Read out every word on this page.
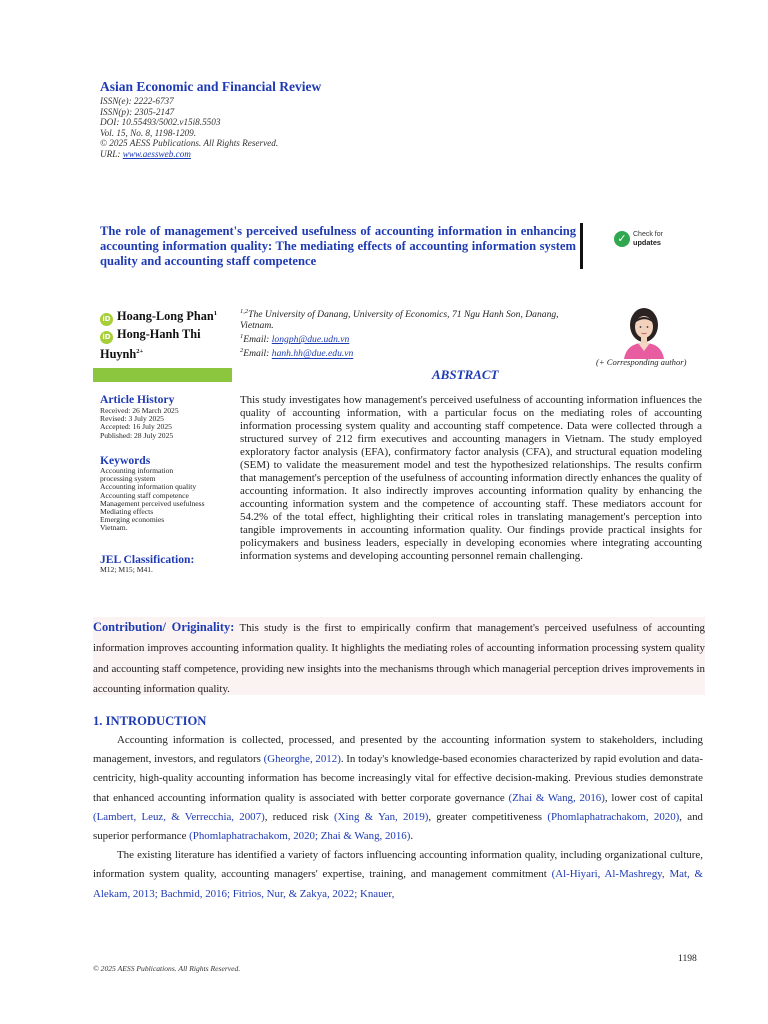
Asian Economic and Financial Review
ISSN(e): 2222-6737
ISSN(p): 2305-2147
DOI: 10.55493/5002.v15i8.5503
Vol. 15, No. 8, 1198-1209.
© 2025 AESS Publications. All Rights Reserved.
URL: www.aessweb.com
The role of management's perceived usefulness of accounting information in enhancing accounting information quality: The mediating effects of accounting information system quality and accounting staff competence
✓ Check for
updates
iD Hoang-Long Phan$^1$
iD Hong-Hanh Thi Huynh$^{2+}$
$^{1,2}$The University of Danang, University of Economics, 71 Ngu Hanh Son, Danang, Vietnam.
$^1$Email: longph@due.udn.vn
$^2$Email: hanh.hh@due.edu.vn
(+ Corresponding author)
ABSTRACT
Article History
Received: 26 March 2025
Revised: 3 July 2025
Accepted: 16 July 2025
Published: 28 July 2025
Keywords
Accounting information
processing system
Accounting information quality
Accounting staff competence
Management perceived usefulness
Mediating effects
Emerging economies
Vietnam.
JEL Classification:
M12; M15; M41.
This study investigates how management's perceived usefulness of accounting information influences the quality of accounting information, with a particular focus on the mediating roles of accounting information processing system quality and accounting staff competence. Data were collected through a structured survey of 212 firm executives and accounting managers in Vietnam. The study employed exploratory factor analysis (EFA), confirmatory factor analysis (CFA), and structural equation modeling (SEM) to validate the measurement model and test the hypothesized relationships. The results confirm that management's perception of the usefulness of accounting information directly enhances the quality of accounting information. It also indirectly improves accounting information quality by enhancing the accounting information system and the competence of accounting staff. These mediators account for 54.2% of the total effect, highlighting their critical roles in translating management's perception into tangible improvements in accounting information quality. Our findings provide practical insights for policymakers and business leaders, especially in developing economies where integrating accounting information systems and developing accounting personnel remain challenging.

Contribution/ Originality: This study is the first to empirically confirm that management's perceived usefulness of accounting information improves accounting information quality. It highlights the mediating roles of accounting information processing system quality and accounting staff competence, providing new insights into the mechanisms through which managerial perception drives improvements in accounting information quality.

1. INTRODUCTION

Accounting information is collected, processed, and presented by the accounting information system to stakeholders, including management, investors, and regulators (Gheorghe, 2012). In today's knowledge-based economies characterized by rapid evolution and data-centricity, high-quality accounting information has become increasingly vital for effective decision-making. Previous studies demonstrate that enhanced accounting information quality is associated with better corporate governance (Zhai & Wang, 2016), lower cost of capital (Lambert, Leuz, & Verrecchia, 2007), reduced risk (Xing & Yan, 2019), greater competitiveness (Phomlaphatrachakom, 2020), and superior performance (Phomlaphatrachakom, 2020; Zhai & Wang, 2016).

The existing literature has identified a variety of factors influencing accounting information quality, including organizational culture, information system quality, accounting managers' expertise, training, and management commitment (Al-Hiyari, Al-Mashregy, Mat, & Alekam, 2013; Bachmid, 2016; Fitrios, Nur, & Zakya, 2022; Knauer,

1198
© 2025 AESS Publications. All Rights Reserved.
